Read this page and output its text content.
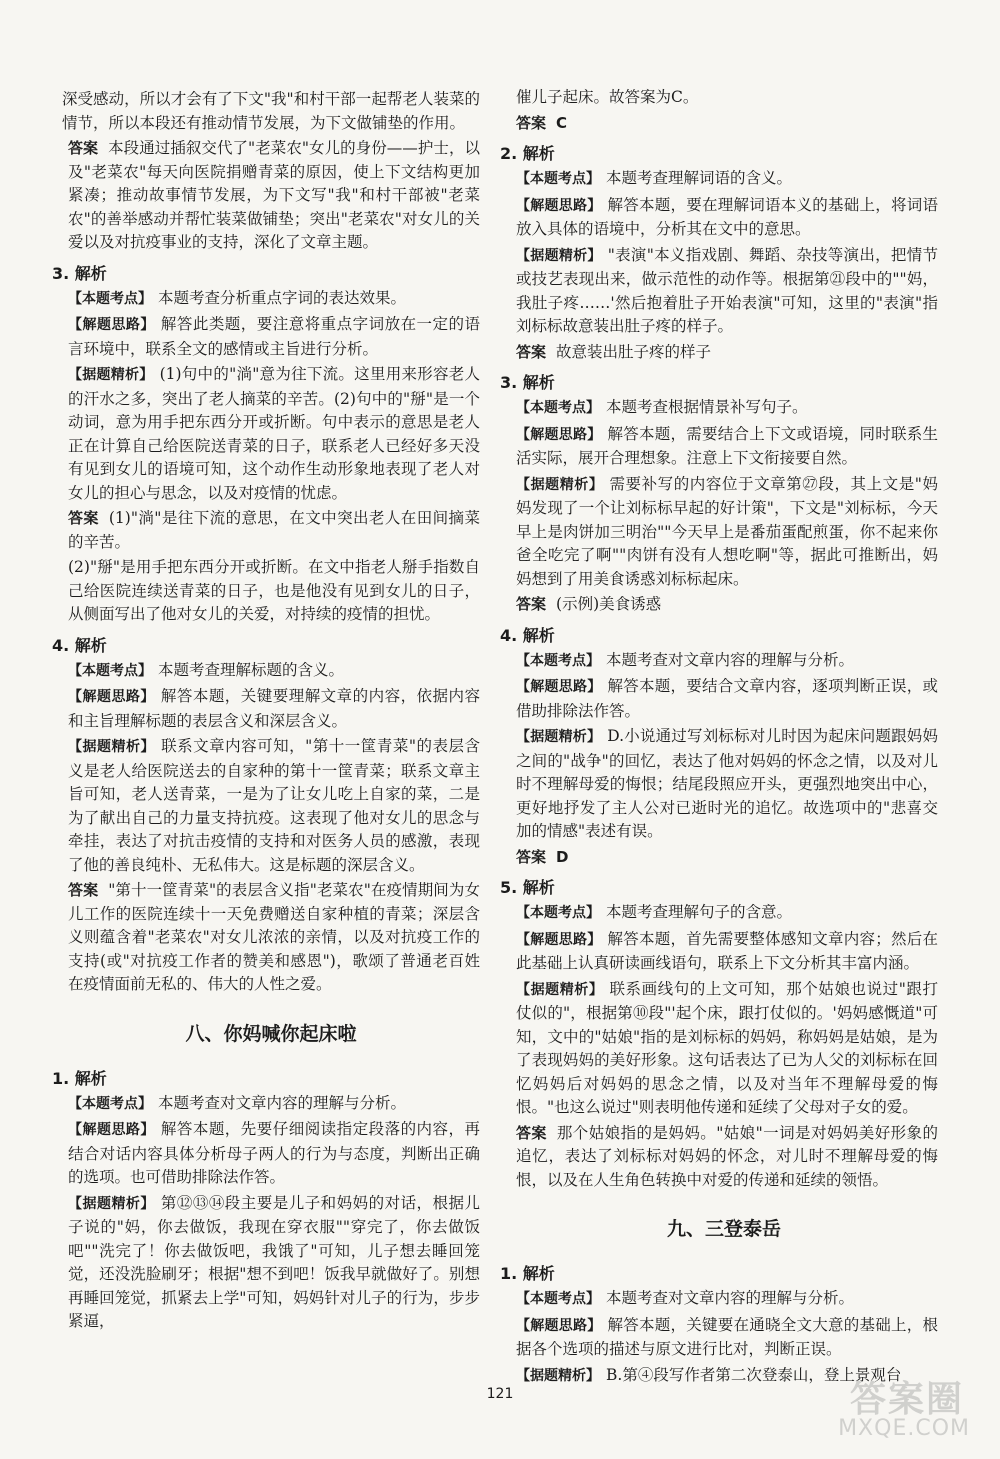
深受感动，所以才会有了下文"我"和村干部一起帮老人装菜的情节，所以本段还有推动情节发展，为下文做铺垫的作用。

答案 本段通过插叙交代了"老菜农"女儿的身份——护士，以及"老菜农"每天向医院捐赠青菜的原因，使上下文结构更加紧凑；推动故事情节发展，为下文写"我"和村干部被"老菜农"的善举感动并帮忙装菜做铺垫；突出"老菜农"对女儿的关爱以及对抗疫事业的支持，深化了文章主题。

3. 解析

【本题考点】 本题考查分析重点字词的表达效果。

【解题思路】 解答此类题，要注意将重点字词放在一定的语言环境中，联系全文的感情或主旨进行分析。

【据题精析】 (1)句中的"淌"意为往下流。这里用来形容老人的汗水之多，突出了老人摘菜的辛苦。(2)句中的"掰"是一个动词，意为用手把东西分开或折断。句中表示的意思是老人正在计算自己给医院送青菜的日子，联系老人已经好多天没有见到女儿的语境可知，这个动作生动形象地表现了老人对女儿的担心与思念，以及对疫情的忧虑。

答案 (1)"淌"是往下流的意思，在文中突出老人在田间摘菜的辛苦。

(2)"掰"是用手把东西分开或折断。在文中指老人掰手指数自己给医院连续送青菜的日子，也是他没有见到女儿的日子，从侧面写出了他对女儿的关爱，对持续的疫情的担忧。

4. 解析

【本题考点】 本题考查理解标题的含义。

【解题思路】 解答本题，关键要理解文章的内容，依据内容和主旨理解标题的表层含义和深层含义。

【据题精析】 联系文章内容可知，"第十一筐青菜"的表层含义是老人给医院送去的自家种的第十一筐青菜；联系文章主旨可知，老人送青菜，一是为了让女儿吃上自家的菜，二是为了献出自己的力量支持抗疫。这表现了他对女儿的思念与牵挂，表达了对抗击疫情的支持和对医务人员的感激，表现了他的善良纯朴、无私伟大。这是标题的深层含义。

答案 "第十一筐青菜"的表层含义指"老菜农"在疫情期间为女儿工作的医院连续十一天免费赠送自家种植的青菜；深层含义则蕴含着"老菜农"对女儿浓浓的亲情，以及对抗疫工作的支持(或"对抗疫工作者的赞美和感恩")，歌颂了普通老百姓在疫情面前无私的、伟大的人性之爱。

八、你妈喊你起床啦
1. 解析

【本题考点】 本题考查对文章内容的理解与分析。

【解题思路】 解答本题，先要仔细阅读指定段落的内容，再结合对话内容具体分析母子两人的行为与态度，判断出正确的选项。也可借助排除法作答。

【据题精析】 第⑫⑬⑭段主要是儿子和妈妈的对话，根据儿子说的"妈，你去做饭，我现在穿衣服""穿完了，你去做饭吧""洗完了！你去做饭吧，我饿了"可知，儿子想去睡回笼觉，还没洗脸刷牙；根据"想不到吧！饭我早就做好了。别想再睡回笼觉，抓紧去上学"可知，妈妈针对儿子的行为，步步紧逼，

催儿子起床。故答案为C。

答案 C

2. 解析

【本题考点】 本题考查理解词语的含义。

【解题思路】 解答本题，要在理解词语本义的基础上，将词语放入具体的语境中，分析其在文中的意思。

【据题精析】 "表演"本义指戏剧、舞蹈、杂技等演出，把情节或技艺表现出来，做示范性的动作等。根据第㉑段中的""妈，我肚子疼……'然后抱着肚子开始表演"可知，这里的"表演"指刘标标故意装出肚子疼的样子。

答案 故意装出肚子疼的样子

3. 解析

【本题考点】 本题考查根据情景补写句子。

【解题思路】 解答本题，需要结合上下文或语境，同时联系生活实际，展开合理想象。注意上下文衔接要自然。

【据题精析】 需要补写的内容位于文章第㉗段，其上文是"妈妈发现了一个让刘标标早起的好计策"，下文是"刘标标，今天早上是肉饼加三明治""今天早上是番茄蛋配煎蛋，你不起来你爸全吃完了啊""肉饼有没有人想吃啊"等，据此可推断出，妈妈想到了用美食诱惑刘标标起床。

答案 (示例)美食诱惑

4. 解析

【本题考点】 本题考查对文章内容的理解与分析。

【解题思路】 解答本题，要结合文章内容，逐项判断正误，或借助排除法作答。

【据题精析】 D.小说通过写刘标标对儿时因为起床问题跟妈妈之间的"战争"的回忆，表达了他对妈妈的怀念之情，以及对儿时不理解母爱的悔恨；结尾段照应开头，更强烈地突出中心，更好地抒发了主人公对已逝时光的追忆。故选项中的"悲喜交加的情感"表述有误。

答案 D

5. 解析

【本题考点】 本题考查理解句子的含意。

【解题思路】 解答本题，首先需要整体感知文章内容；然后在此基础上认真研读画线语句，联系上下文分析其丰富内涵。

【据题精析】 联系画线句的上文可知，那个姑娘也说过"跟打仗似的"，根据第⑩段"'起个床，跟打仗似的。'妈妈感慨道"可知，文中的"姑娘"指的是刘标标的妈妈，称妈妈是姑娘，是为了表现妈妈的美好形象。这句话表达了已为人父的刘标标在回忆妈妈后对妈妈的思念之情，以及对当年不理解母爱的悔恨。"也这么说过"则表明他传递和延续了父母对子女的爱。

答案 那个姑娘指的是妈妈。"姑娘"一词是对妈妈美好形象的追忆，表达了刘标标对妈妈的怀念，对儿时不理解母爱的悔恨，以及在人生角色转换中对爱的传递和延续的领悟。

九、三登泰岳
1. 解析

【本题考点】 本题考查对文章内容的理解与分析。

【解题思路】 解答本题，关键要在通晓全文大意的基础上，根据各个选项的描述与原文进行比对，判断正误。

【据题精析】 B.第④段写作者第二次登泰山，登上景观台

121	答案圈
MXQE.COM
